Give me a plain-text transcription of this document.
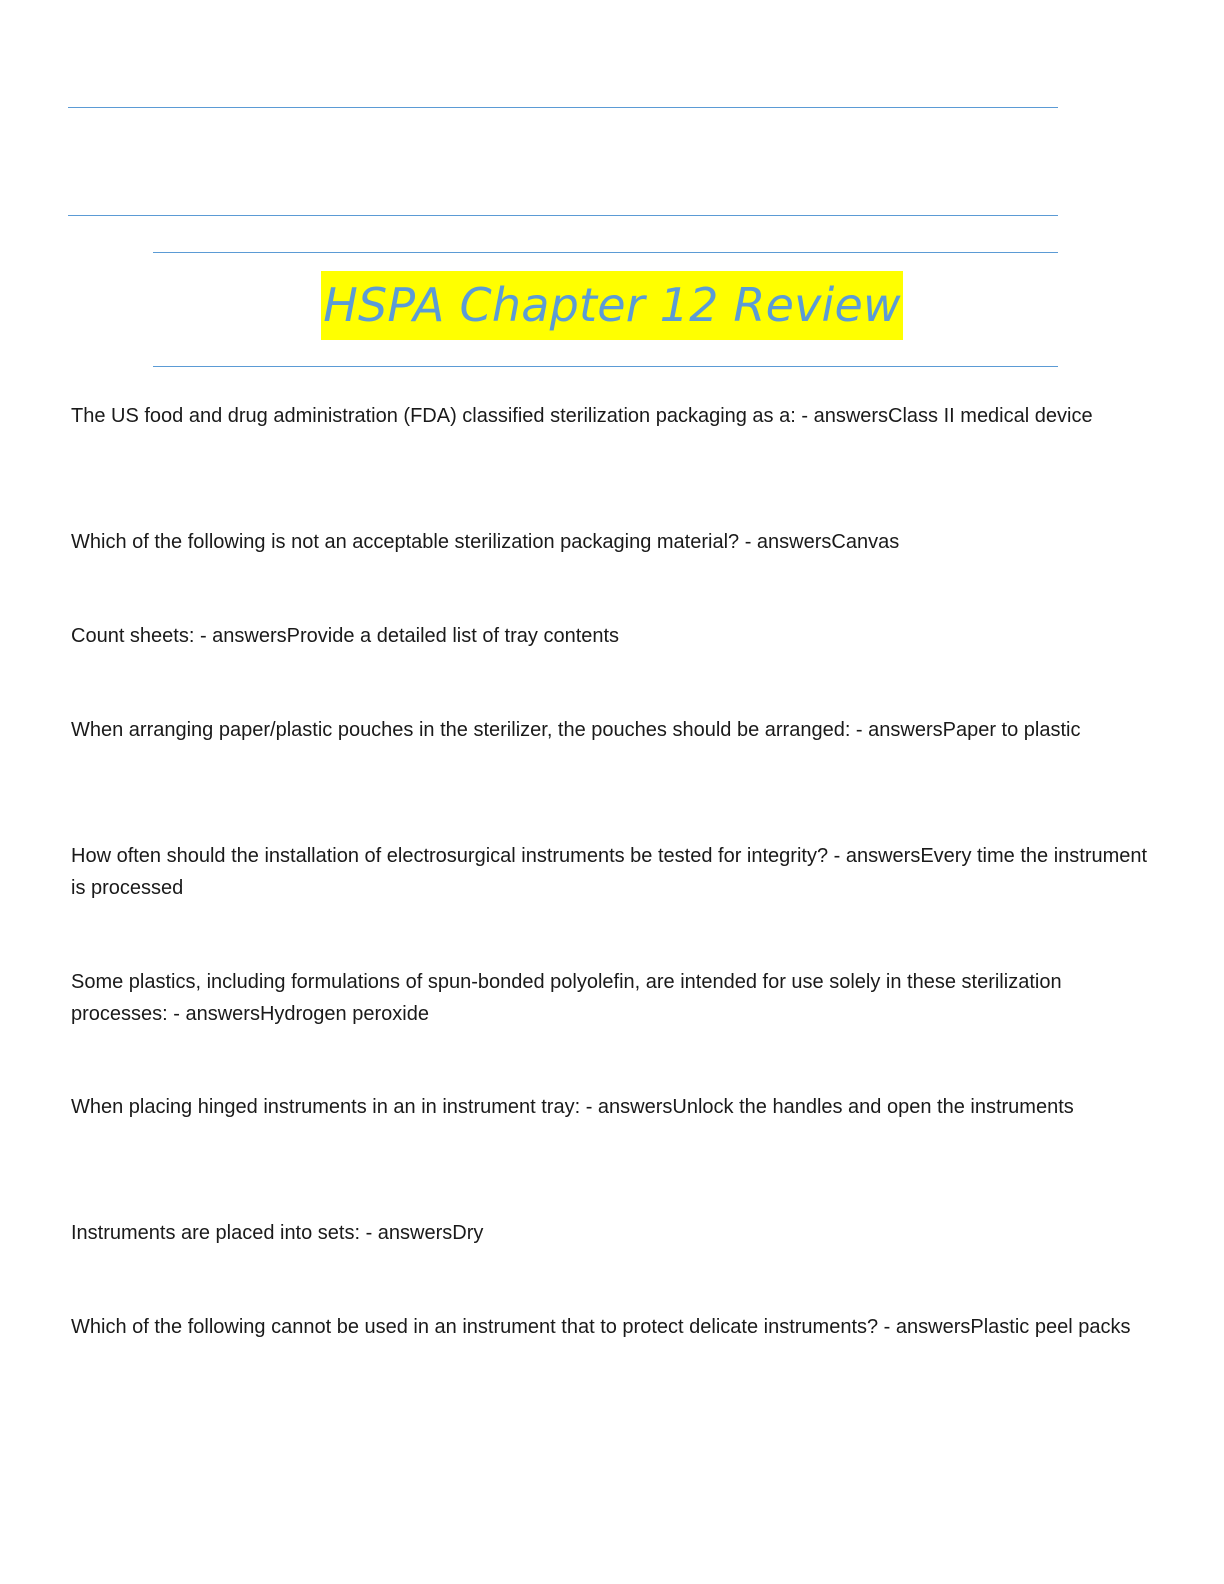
HSPA Chapter 12 Review

The US food and drug administration (FDA) classified sterilization packaging as a: - answersClass II medical device

Which of the following is not an acceptable sterilization packaging material? - answersCanvas

Count sheets: - answersProvide a detailed list of tray contents

When arranging paper/plastic pouches in the sterilizer, the pouches should be arranged: - answersPaper to plastic

How often should the installation of electrosurgical instruments be tested for integrity? - answersEvery time the instrument is processed

Some plastics, including formulations of spun-bonded polyolefin, are intended for use solely in these sterilization processes: - answersHydrogen peroxide

When placing hinged instruments in an in instrument tray: - answersUnlock the handles and open the instruments

Instruments are placed into sets: - answersDry

Which of the following cannot be used in an instrument that to protect delicate instruments? - answersPlastic peel packs
